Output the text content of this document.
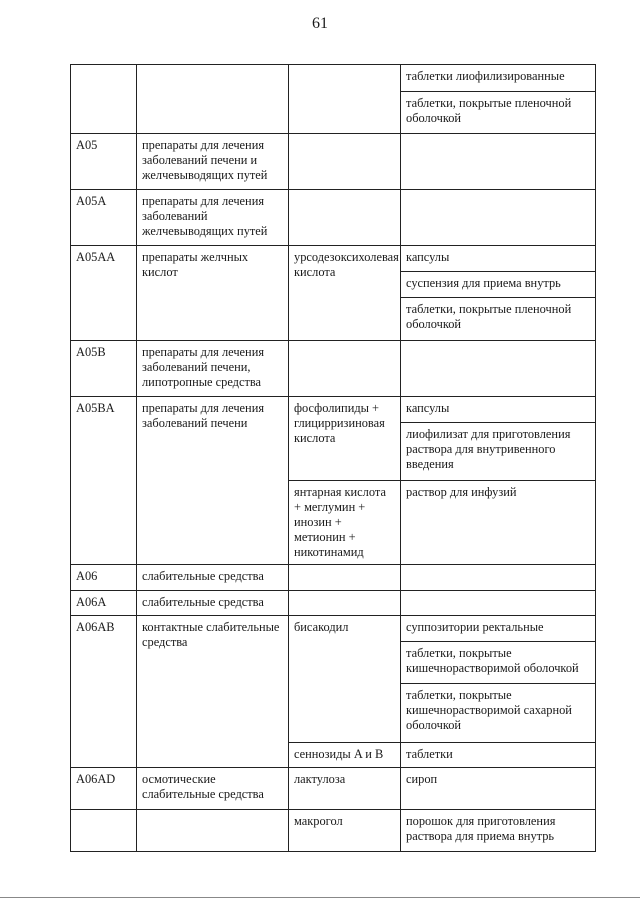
61
			таблетки лиофилизированные
			таблетки, покрытые пленочной оболочкой
A05	препараты для лечения заболеваний печени и желчевыводящих путей		
A05A	препараты для лечения заболеваний желчевыводящих путей		
A05AA	препараты желчных кислот	урсодезоксихолевая кислота	капсулы
			суспензия для приема внутрь
			таблетки, покрытые пленочной оболочкой
A05B	препараты для лечения заболеваний печени, липотропные средства		
A05BA	препараты для лечения заболеваний печени	фосфолипиды + глицирризиновая кислота	капсулы
			лиофилизат для приготовления раствора для внутривенного введения
		янтарная кислота + меглумин + инозин + метионин + никотинамид	раствор для инфузий
A06	слабительные средства		
A06A	слабительные средства		
A06AB	контактные слабительные средства	бисакодил	суппозитории ректальные
			таблетки, покрытые кишечнорастворимой оболочкой
			таблетки, покрытые кишечнорастворимой сахарной оболочкой
		сеннозиды A и B	таблетки
A06AD	осмотические слабительные средства	лактулоза	сироп
		макрогол	порошок для приготовления раствора для приема внутрь
